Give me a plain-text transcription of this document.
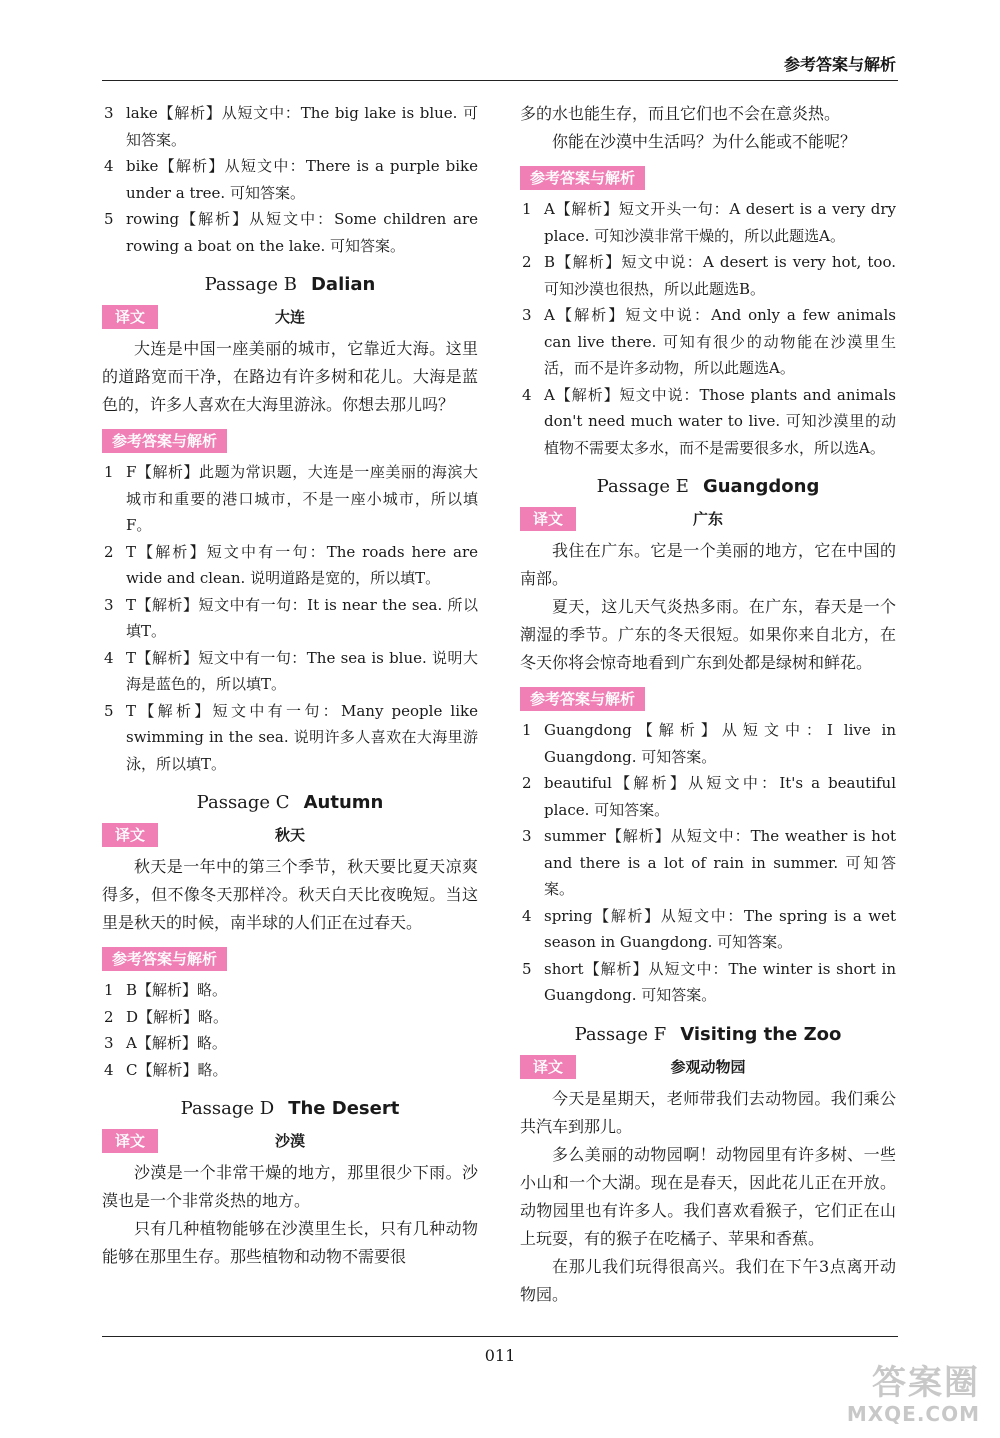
参考答案与解析
3 lake【解析】从短文中：The big lake is blue. 可知答案。
4 bike【解析】从短文中：There is a purple bike under a tree. 可知答案。
5 rowing【解析】从短文中：Some children are rowing a boat on the lake. 可知答案。
Passage B Dalian
译文	大连

大连是中国一座美丽的城市，它靠近大海。这里的道路宽而干净，在路边有许多树和花儿。大海是蓝色的，许多人喜欢在大海里游泳。你想去那儿吗？

参考答案与解析
1 F【解析】此题为常识题，大连是一座美丽的海滨大城市和重要的港口城市，不是一座小城市，所以填F。
2 T【解析】短文中有一句：The roads here are wide and clean. 说明道路是宽的，所以填T。
3 T【解析】短文中有一句：It is near the sea. 所以填T。
4 T【解析】短文中有一句：The sea is blue. 说明大海是蓝色的，所以填T。
5 T【解析】短文中有一句：Many people like swimming in the sea. 说明许多人喜欢在大海里游泳，所以填T。
Passage C Autumn
译文	秋天

秋天是一年中的第三个季节，秋天要比夏天凉爽得多，但不像冬天那样冷。秋天白天比夜晚短。当这里是秋天的时候，南半球的人们正在过春天。

参考答案与解析
1 B【解析】略。
2 D【解析】略。
3 A【解析】略。
4 C【解析】略。
Passage D The Desert
译文	沙漠

沙漠是一个非常干燥的地方，那里很少下雨。沙漠也是一个非常炎热的地方。

只有几种植物能够在沙漠里生长，只有几种动物能够在那里生存。那些植物和动物不需要很

多的水也能生存，而且它们也不会在意炎热。

你能在沙漠中生活吗？为什么能或不能呢？

参考答案与解析
1 A【解析】短文开头一句：A desert is a very dry place. 可知沙漠非常干燥的，所以此题选A。
2 B【解析】短文中说：A desert is very hot, too. 可知沙漠也很热，所以此题选B。
3 A【解析】短文中说：And only a few animals can live there. 可知有很少的动物能在沙漠里生活，而不是许多动物，所以此题选A。
4 A【解析】短文中说：Those plants and animals don't need much water to live. 可知沙漠里的动植物不需要太多水，而不是需要很多水，所以选A。
Passage E Guangdong
译文	广东

我住在广东。它是一个美丽的地方，它在中国的南部。

夏天，这儿天气炎热多雨。在广东，春天是一个潮湿的季节。广东的冬天很短。如果你来自北方，在冬天你将会惊奇地看到广东到处都是绿树和鲜花。

参考答案与解析
1 Guangdong【解析】从短文中：I live in Guangdong. 可知答案。
2 beautiful【解析】从短文中：It's a beautiful place. 可知答案。
3 summer【解析】从短文中：The weather is hot and there is a lot of rain in summer. 可知答案。
4 spring【解析】从短文中：The spring is a wet season in Guangdong. 可知答案。
5 short【解析】从短文中：The winter is short in Guangdong. 可知答案。
Passage F Visiting the Zoo
译文	参观动物园

今天是星期天，老师带我们去动物园。我们乘公共汽车到那儿。

多么美丽的动物园啊！动物园里有许多树、一些小山和一个大湖。现在是春天，因此花儿正在开放。动物园里也有许多人。我们喜欢看猴子，它们正在山上玩耍，有的猴子在吃橘子、苹果和香蕉。

在那儿我们玩得很高兴。我们在下午3点离开动物园。

011
答案圈
MXQE.COM
